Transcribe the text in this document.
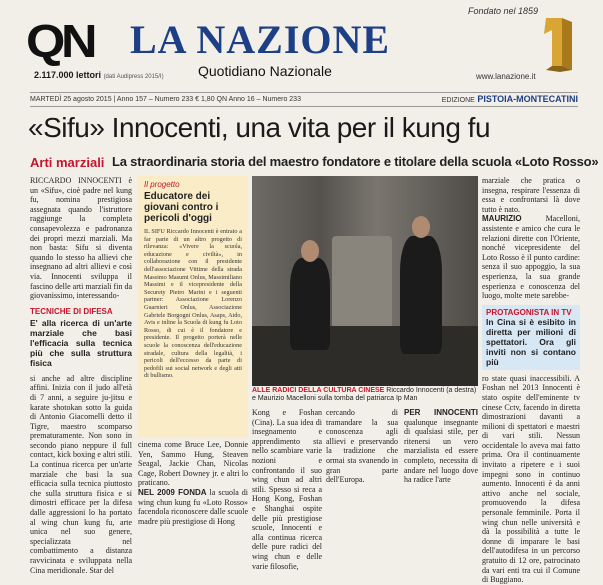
Fondato nel 1859
QN LA NAZIONE
Quotidiano Nazionale
2.117.000 lettori (dati Audipress 2015/I)	www.lanazione.it
MARTEDÌ 25 agosto 2015 | Anno 157 – Numero 233 € 1,80 QN Anno 16 – Numero 233	EDIZIONE PISTOIA-MONTECATINI
«Sifu» Innocenti, una vita per il kung fu
Arti marziali La straordinaria storia del maestro fondatore e titolare della scuola «Loto Rosso»

RICCARDO INNOCENTI è un «Sifu», cioè padre nel kung fu, nomina prestigiosa assegnata quando l'istruttore raggiunge la completa consapevolezza e padronanza dei propri mezzi marziali. Ma non basta: Sifu si diventa quando lo stesso ha allievi che insegnano ad altri allievi e così via. Innocenti sviluppa il fascino delle arti marziali fin da giovanissimo, interessando-

TECNICHE DI DIFESA
E' alla ricerca di un'arte marziale che basi l'efficacia sulla tecnica più che sulla struttura fisica

si anche ad altre discipline affini. Inizia con il judo all'età di 7 anni, a seguire ju-jitsu e karate shotokan sotto la guida di Antonio Giacomelli detto il Tigre, maestro scomparso prematuramente. Non sono in secondo piano neppure il full contact, kick boxing e altri stili. La continua ricerca per un'arte marziale che basi la sua efficacia sulla tecnica piuttosto che sulla struttura fisica e si dimostri efficace per la difesa dalle aggressioni lo ha portato al wing chun kung fu, arte unica nel suo genere, specializzata nel combattimento a distanza ravvicinata e sviluppata nella Cina meridionale. Star del

Il progetto
Educatore dei giovani contro i pericoli d'oggi
IL SIFU Riccardo Innocenti è entrato a far parte di un altro progetto di rilevanza: «Vivere la scuola, educazione e civiltà», in collaborazione con il presidente dell'associazione Vittime della strada Massimo Masumi Onlus, Massimiliano Massimi e il vicepresidente della Securety Pietro Marini e i seguenti partner: Associazione Lorenzo Guarnieri Onlus, Associazione Gabriele Borgogni Onlus, Asaps, Aido, Avis e inline la Scuola di kung fu Loto Rosso, di cui è il fondatore e presidente. Il progetto porterà nelle scuole la conoscenza dell'educazione stradale, cultura della legalità, i pericoli dell'eccesso da parte di pedofili sui social network e degli atti di bullismo.

cinema come Bruce Lee, Donnie Yen, Sammo Hung, Steaven Seagal, Jackie Chan, Nicolas Cage, Robert Downey jr. e altri lo praticano.

NEL 2009 FONDA la scuola di wing chun kung fu «Loto Rosso» facendola riconoscere dalle scuole madre più prestigiose di Hong

ALLE RADICI DELLA CULTURA CINESE Riccardo Innocenti (a destra) e Maurizio Macelloni sulla tomba del patriarca Ip Man

Kong e Foshan (Cina). La sua idea di insegnamento e apprendimento sta nello scambiare varie nozioni e confrontando il suo wing chun ad altri stili. Spesso si reca a Hong Kong, Foshan e Shanghai ospite delle più prestigiose scuole, Innocenti e alla continua ricerca delle pure radici del wing chun e delle varie filosofie,

cercando di tramandare la sua conoscenza agli allievi e preservando la tradizione che ormai sta svanendo in gran parte dell'Europa.

PER INNOCENTI qualunque insegnante di qualsiasi stile, per ritenersi un vero marzialista ed essere completo, necessita di andare nel luogo dove ha radice l'arte

marziale che pratica o insegna, respirare l'essenza di essa e confrontarsi là dove tutto è nato.

MAURIZIO Macelloni, assistente e amico che cura le relazioni dirette con l'Oriente, nonché vicepresidente del Loto Rosso è il punto cardine: senza il suo appoggio, la sua esperienza, la sua grande esperienza e conoscenza del luogo, molte mete sarebbe-

PROTAGONISTA IN TV
In Cina si è esibito in diretta per milioni di spettatori. Ora gli inviti non si contano più

ro state quasi inaccessibili. A Foshan nel 2013 Innocenti è stato ospite dell'eminente tv cinese Cctv, facendo in diretta dimostrazioni davanti a milioni di spettatori e maestri di vari stili. Nessun occidentale lo aveva mai fatto prima. Ora il continuamente invitato a ripetere e i suoi impegni sono in continuo aumento. Innocenti è da anni attivo anche nel sociale, promuovendo la difesa personale femminile. Porta il wing chun nelle università e dà la possibilità a tutte le donne di imparare le basi dell'autodifesa in un percorso gratuito di 12 ore, patrocinato da vari enti tra cui il Comune di Buggiano.
